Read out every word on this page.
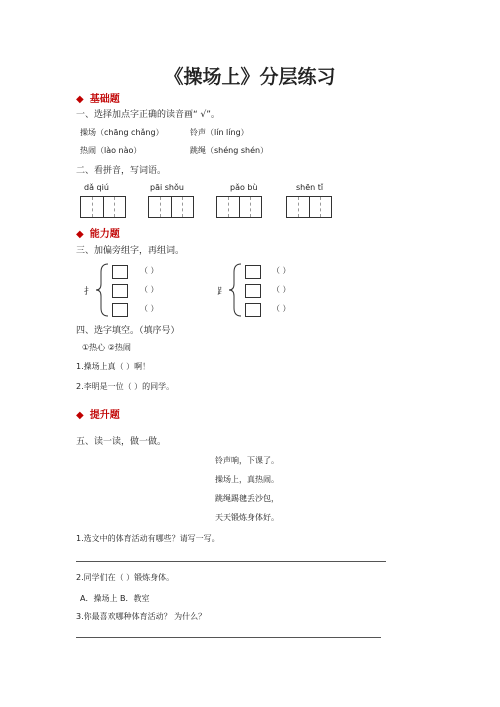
《操场上》分层练习
◆ 基础题
一、选择加点字正确的读音画“ √”。
操场（chāng chǎng）	铃声（lín líng）
热闹（lào nào）	跳绳（shéng shén）
二、看拼音，写词语。
dǎ qiú	pāi shǒu	pǎo bù	shēn tǐ
◆ 能力题
三、加偏旁组字，再组词。
扌
（ ）
（ ）
（ ）
⻊
（ ）
（ ）
（ ）
四、选字填空。（填序号）
①热心 ②热闹
1.操场上真（ ）啊！
2.李明是一位（ ）的同学。
◆ 提升题
五、读一读，做一做。
铃声响，下课了。
操场上，真热闹。
跳绳踢毽丢沙包，
天天锻炼身体好。
1.选文中的体育活动有哪些？请写一写。
2.同学们在（ ）锻炼身体。
A．操场上 B．教室
3.你最喜欢哪种体育活动？ 为什么？
